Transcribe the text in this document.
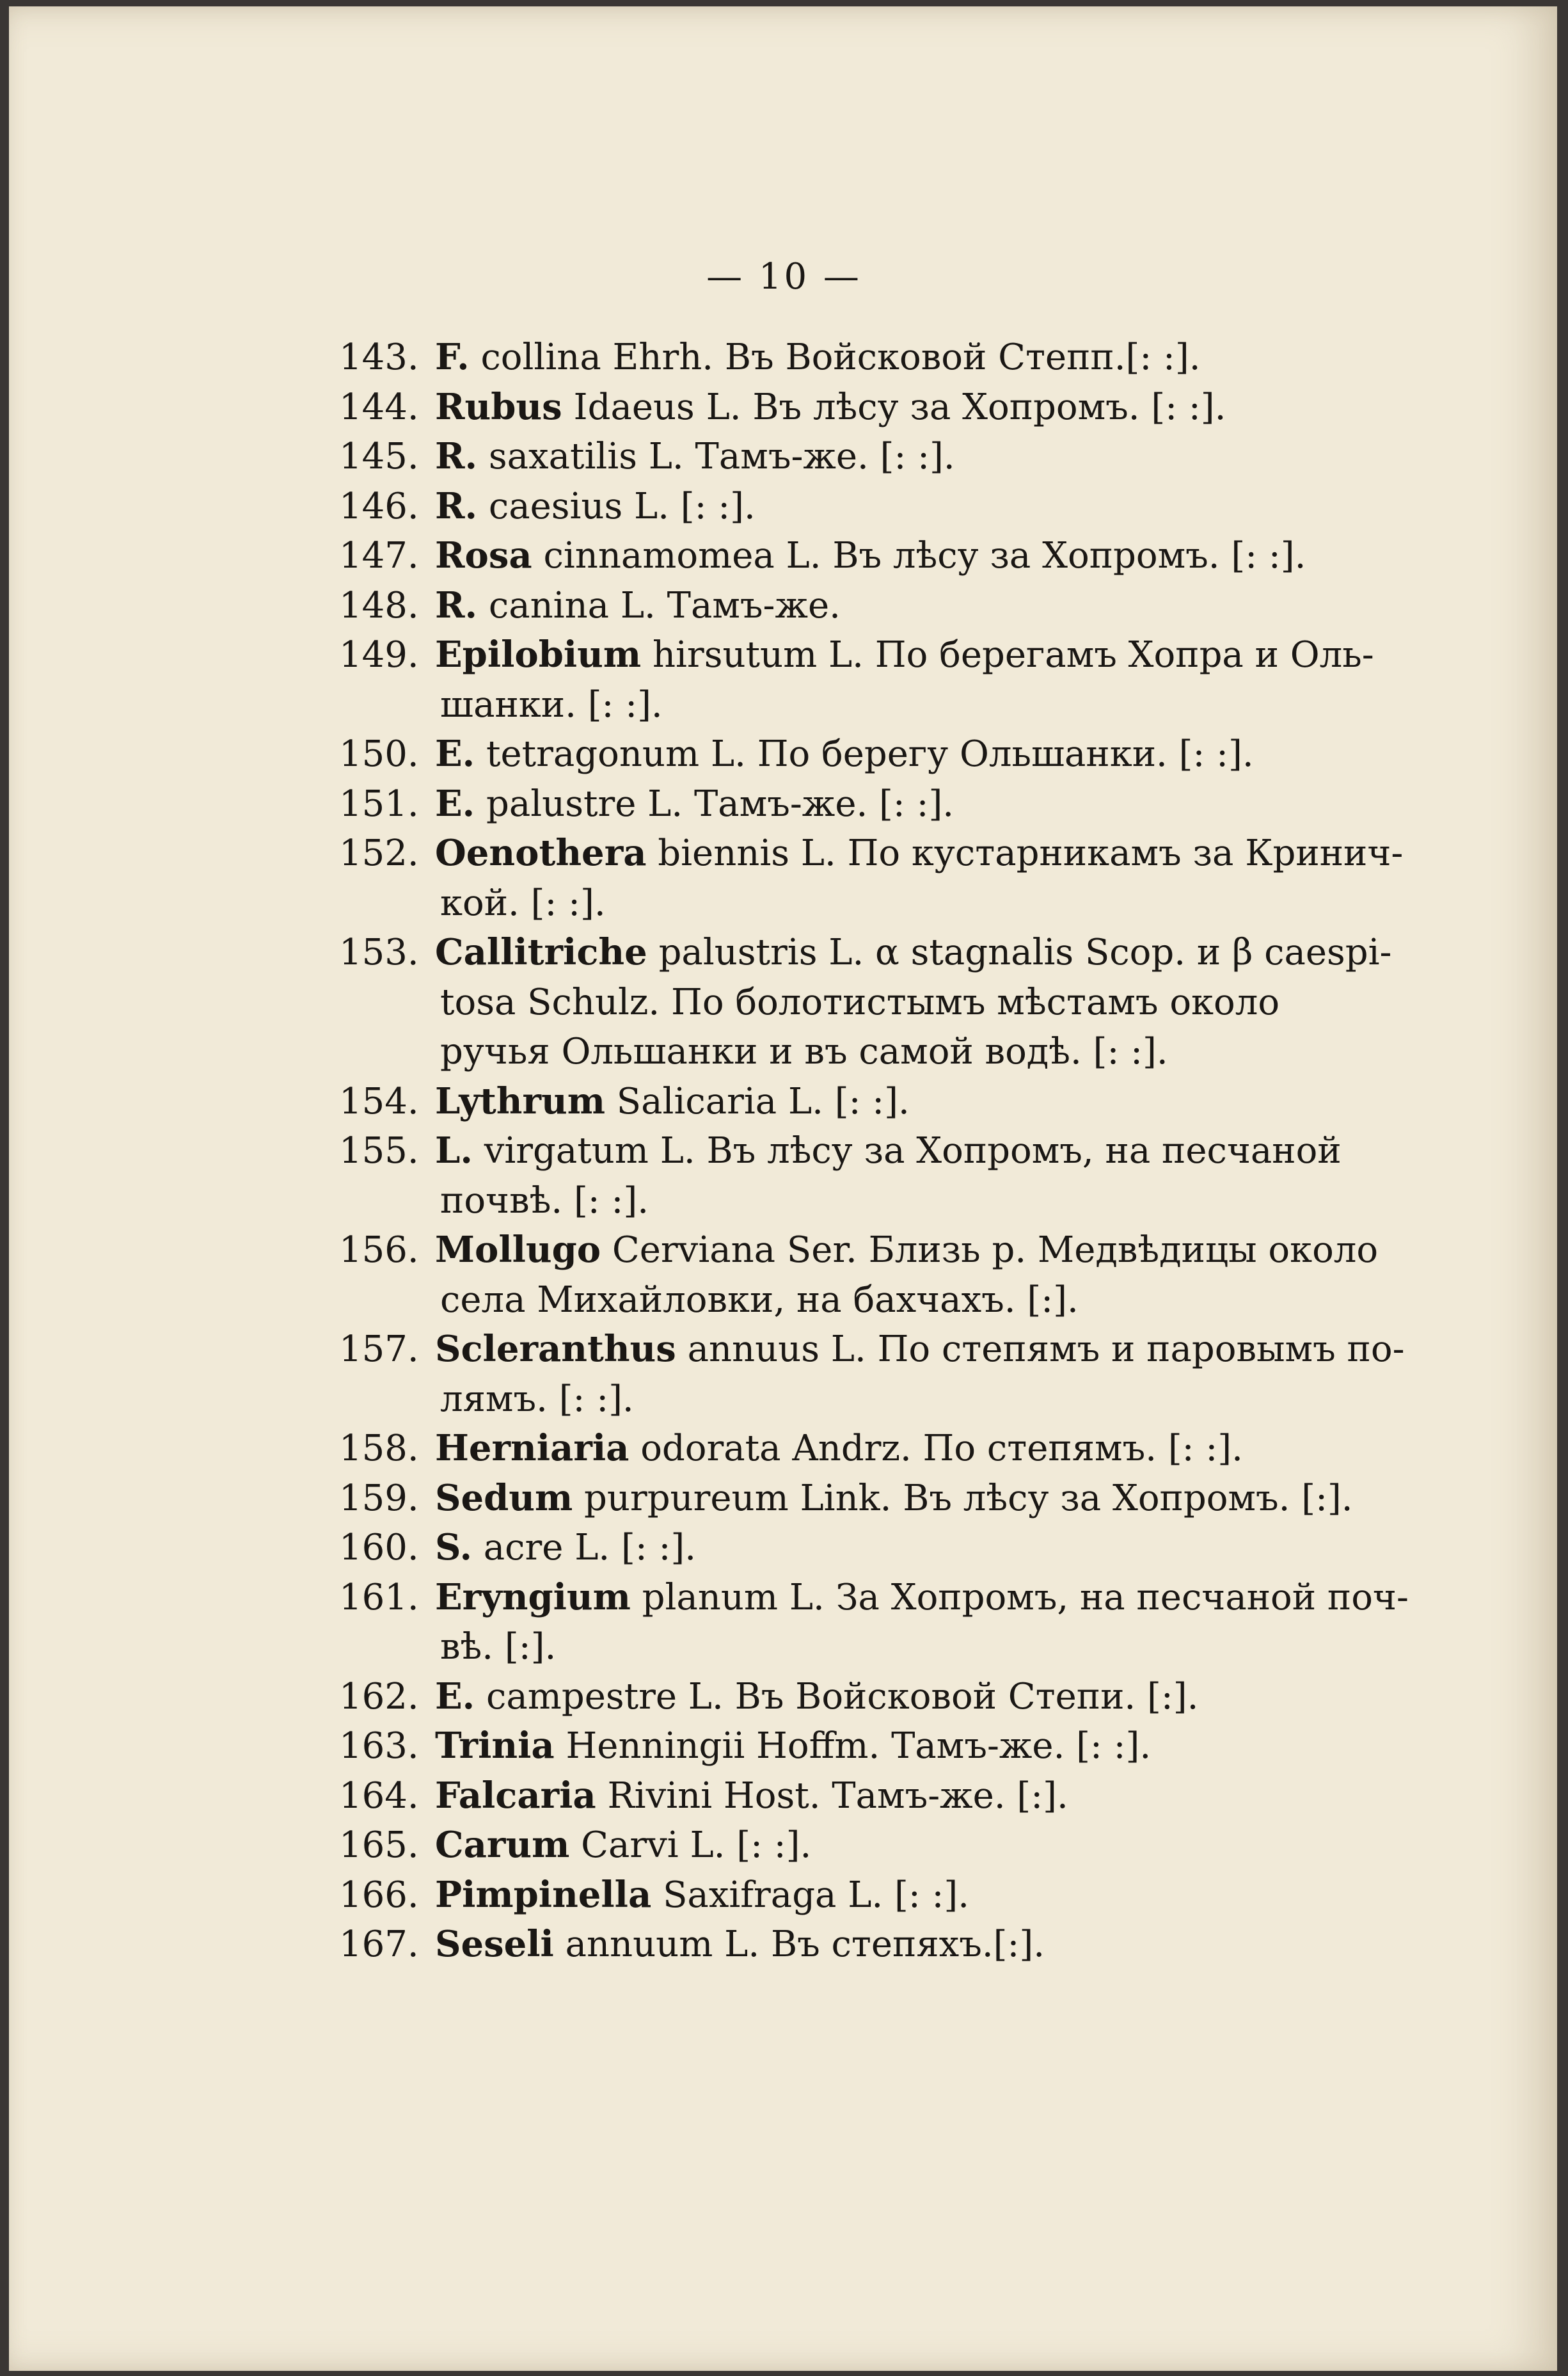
— 10 —
143. F. collina Ehrh. Въ Войсковой Степп.[: :].
144. Rubus Idaeus L. Въ лѣсу за Хопромъ. [: :].
145. R. saxatilis L. Тамъ-же. [: :].
146. R. caesius L. [: :].
147. Rosa cinnamomea L. Въ лѣсу за Хопромъ. [: :].
148. R. canina L. Тамъ-же.
149. Epilobium hirsutum L. По берегамъ Хопра и Оль-
шанки. [: :].
150. E. tetragonum L. По берегу Ольшанки. [: :].
151. E. palustre L. Тамъ-же. [: :].
152. Oenothera biennis L. По кустарникамъ за Кринич-
кой. [: :].
153. Callitriche palustris L. α stagnalis Scop. и β caespi-
tosa Schulz. По болотистымъ мѣстамъ около
ручья Ольшанки и въ самой водѣ. [: :].
154. Lythrum Salicaria L. [: :].
155. L. virgatum L. Въ лѣсу за Хопромъ, на песчаной
почвѣ. [: :].
156. Mollugo Cerviana Ser. Близь р. Медвѣдицы около
села Михайловки, на бахчахъ. [:].
157. Scleranthus annuus L. По степямъ и паровымъ по-
лямъ. [: :].
158. Herniaria odorata Andrz. По степямъ. [: :].
159. Sedum purpureum Link. Въ лѣсу за Хопромъ. [:].
160. S. acre L. [: :].
161. Eryngium planum L. За Хопромъ, на песчаной поч-
вѣ. [:].
162. E. campestre L. Въ Войсковой Степи. [:].
163. Trinia Henningii Hoffm. Тамъ-же. [: :].
164. Falcaria Rivini Host. Тамъ-же. [:].
165. Carum Carvi L. [: :].
166. Pimpinella Saxifraga L. [: :].
167. Seseli annuum L. Въ степяхъ.[:].
